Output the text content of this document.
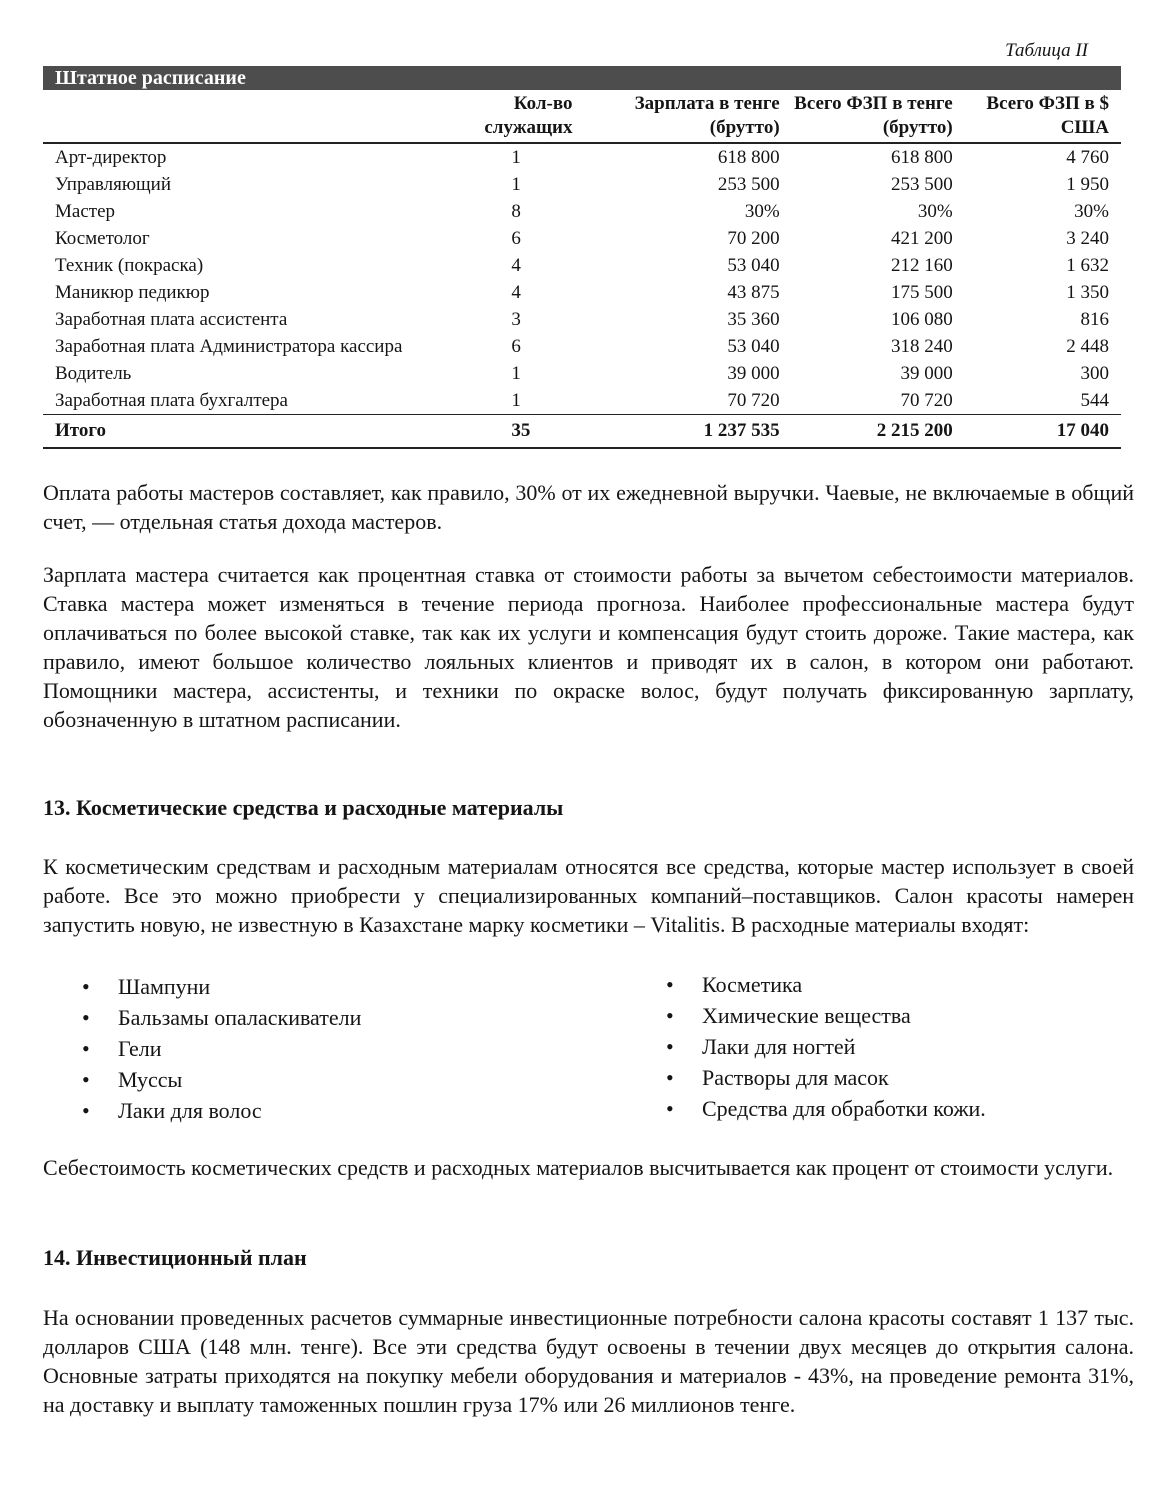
Таблица II
Штатное расписание
	Кол-во служащих	Зарплата в тенге (брутто)	Всего ФЗП в тенге (брутто)	Всего ФЗП в $ США
Арт-директор	1	618 800	618 800	4 760
Управляющий	1	253 500	253 500	1 950
Мастер	8	30%	30%	30%
Косметолог	6	70 200	421 200	3 240
Техник (покраска)	4	53 040	212 160	1 632
Маникюр педикюр	4	43 875	175 500	1 350
Заработная плата ассистента	3	35 360	106 080	816
Заработная плата Администратора кассира	6	53 040	318 240	2 448
Водитель	1	39 000	39 000	300
Заработная плата бухгалтера	1	70 720	70 720	544
Итого	35	1 237 535	2 215 200	17 040

Оплата работы мастеров составляет, как правило, 30% от их ежедневной выручки. Чаевые, не включаемые в общий счет, — отдельная статья дохода мастеров.

Зарплата мастера считается как процентная ставка от стоимости работы за вычетом себестоимости материалов. Ставка мастера может изменяться в течение периода прогноза. Наиболее профессиональные мастера будут оплачиваться по более высокой ставке, так как их услуги и компенсация будут стоить дороже. Такие мастера, как правило, имеют большое количество лояльных клиентов и приводят их в салон, в котором они работают. Помощники мастера, ассистенты, и техники по окраске волос, будут получать фиксированную зарплату, обозначенную в штатном расписании.

13. Косметические средства и расходные материалы

К косметическим средствам и расходным материалам относятся все средства, которые мастер использует в своей работе. Все это можно приобрести у специализированных компаний–поставщиков. Салон красоты намерен запустить новую, не известную в Казахстане марку косметики – Vitalitis. В расходные материалы входят:

• Шампуни
• Бальзамы опаласкиватели
• Гели
• Муссы
• Лаки для волос
• Косметика
• Химические вещества
• Лаки для ногтей
• Растворы для масок
• Средства для обработки кожи.

Себестоимость косметических средств и расходных материалов высчитывается как процент от стоимости услуги.

14. Инвестиционный план

На основании проведенных расчетов суммарные инвестиционные потребности салона красоты составят 1 137 тыс. долларов США (148 млн. тенге). Все эти средства будут освоены в течении двух месяцев до открытия салона. Основные затраты приходятся на покупку мебели оборудования и материалов - 43%, на проведение ремонта 31%, на доставку и выплату таможенных пошлин груза 17% или 26 миллионов тенге.
